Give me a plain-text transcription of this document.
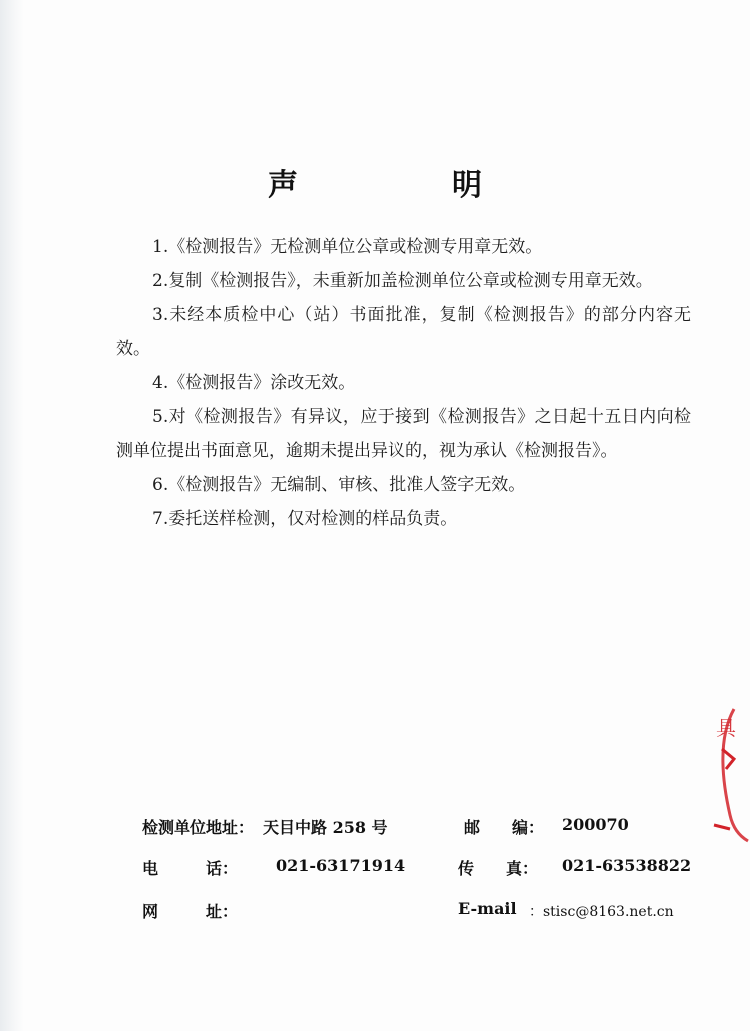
声　明

1.《检测报告》无检测单位公章或检测专用章无效。

2.复制《检测报告》，未重新加盖检测单位公章或检测专用章无效。

3.未经本质检中心（站）书面批准，复制《检测报告》的部分内容无效。

4.《检测报告》涂改无效。

5.对《检测报告》有异议，应于接到《检测报告》之日起十五日内向检测单位提出书面意见，逾期未提出异议的，视为承认《检测报告》。

6.《检测报告》无编制、审核、批准人签字无效。

7.委托送样检测，仅对检测的样品负责。

检测单位地址： 天目中路 258 号	邮　　编： 200070
电　　　话： 021-63171914	传　　真： 021-63538822
网　　　址：	E-mail ：stisc@8163.net.cn
具
